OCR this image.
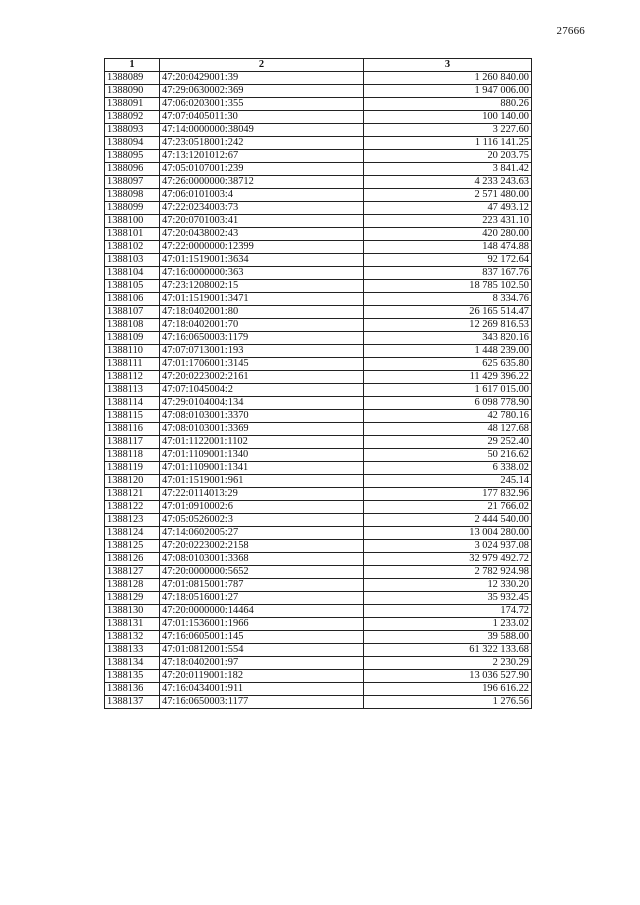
27666
1	2	3
1388089	47:20:0429001:39	1 260 840.00
1388090	47:29:0630002:369	1 947 006.00
1388091	47:06:0203001:355	880.26
1388092	47:07:0405011:30	100 140.00
1388093	47:14:0000000:38049	3 227.60
1388094	47:23:0518001:242	1 116 141.25
1388095	47:13:1201012:67	20 203.75
1388096	47:05:0107001:239	3 841.42
1388097	47:26:0000000:38712	4 233 243.63
1388098	47:06:0101003:4	2 571 480.00
1388099	47:22:0234003:73	47 493.12
1388100	47:20:0701003:41	223 431.10
1388101	47:20:0438002:43	420 280.00
1388102	47:22:0000000:12399	148 474.88
1388103	47:01:1519001:3634	92 172.64
1388104	47:16:0000000:363	837 167.76
1388105	47:23:1208002:15	18 785 102.50
1388106	47:01:1519001:3471	8 334.76
1388107	47:18:0402001:80	26 165 514.47
1388108	47:18:0402001:70	12 269 816.53
1388109	47:16:0650003:1179	343 820.16
1388110	47:07:0713001:193	1 448 239.00
1388111	47:01:1706001:3145	625 635.80
1388112	47:20:0223002:2161	11 429 396.22
1388113	47:07:1045004:2	1 617 015.00
1388114	47:29:0104004:134	6 098 778.90
1388115	47:08:0103001:3370	42 780.16
1388116	47:08:0103001:3369	48 127.68
1388117	47:01:1122001:1102	29 252.40
1388118	47:01:1109001:1340	50 216.62
1388119	47:01:1109001:1341	6 338.02
1388120	47:01:1519001:961	245.14
1388121	47:22:0114013:29	177 832.96
1388122	47:01:0910002:6	21 766.02
1388123	47:05:0526002:3	2 444 540.00
1388124	47:14:0602005:27	13 004 280.00
1388125	47:20:0223002:2158	3 024 937.08
1388126	47:08:0103001:3368	32 979 492.72
1388127	47:20:0000000:5652	2 782 924.98
1388128	47:01:0815001:787	12 330.20
1388129	47:18:0516001:27	35 932.45
1388130	47:20:0000000:14464	174.72
1388131	47:01:1536001:1966	1 233.02
1388132	47:16:0605001:145	39 588.00
1388133	47:01:0812001:554	61 322 133.68
1388134	47:18:0402001:97	2 230.29
1388135	47:20:0119001:182	13 036 527.90
1388136	47:16:0434001:911	196 616.22
1388137	47:16:0650003:1177	1 276.56
